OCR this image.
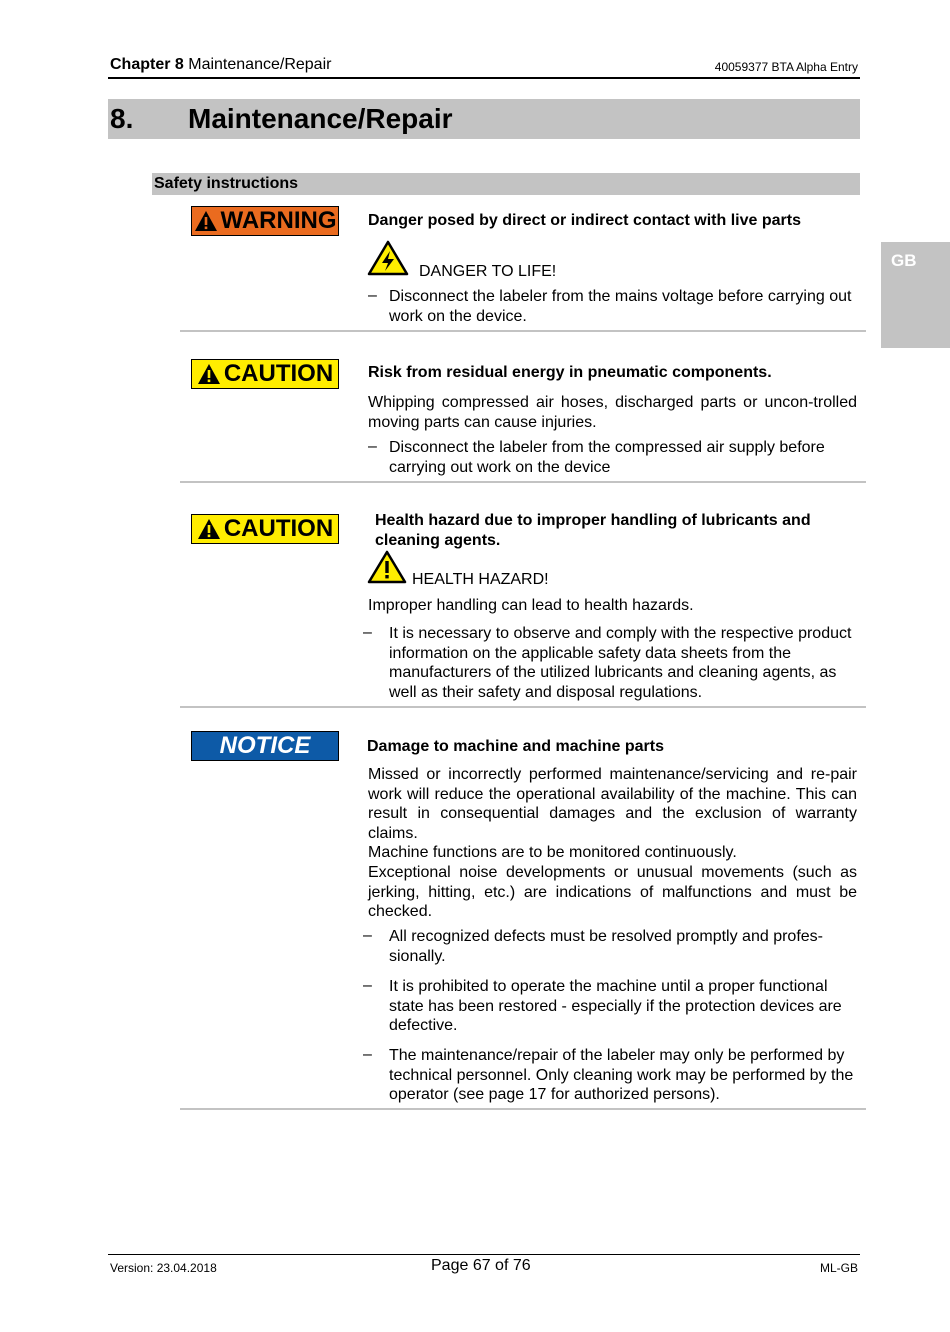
Chapter 8 Maintenance/Repair	40059377 BTA Alpha Entry
8. Maintenance/Repair
GB
Safety instructions
WARNING Danger posed by direct or indirect contact with live parts
DANGER TO LIFE!
– Disconnect the labeler from the mains voltage before carrying out work on the device.
CAUTION Risk from residual energy in pneumatic components.
Whipping compressed air hoses, discharged parts or uncon-trolled moving parts can cause injuries.
– Disconnect the labeler from the compressed air supply before carrying out work on the device
CAUTION	Health hazard due to improper handling of lubricants and cleaning agents.
HEALTH HAZARD!
Improper handling can lead to health hazards.
– It is necessary to observe and comply with the respective product information on the applicable safety data sheets from the manufacturers of the utilized lubricants and cleaning agents, as well as their safety and disposal regulations.
NOTICE	Damage to machine and machine parts
Missed or incorrectly performed maintenance/servicing and re-pair work will reduce the operational availability of the machine. This can result in consequential damages and the exclusion of warranty claims.
Machine functions are to be monitored continuously.
Exceptional noise developments or unusual movements (such as jerking, hitting, etc.) are indications of malfunctions and must be checked.
– All recognized defects must be resolved promptly and profes-sionally.
– It is prohibited to operate the machine until a proper functional state has been restored - especially if the protection devices are defective.
– The maintenance/repair of the labeler may only be performed by technical personnel. Only cleaning work may be performed by the operator (see page 17 for authorized persons).
Version: 23.04.2018	Page 67 of 76	ML-GB
